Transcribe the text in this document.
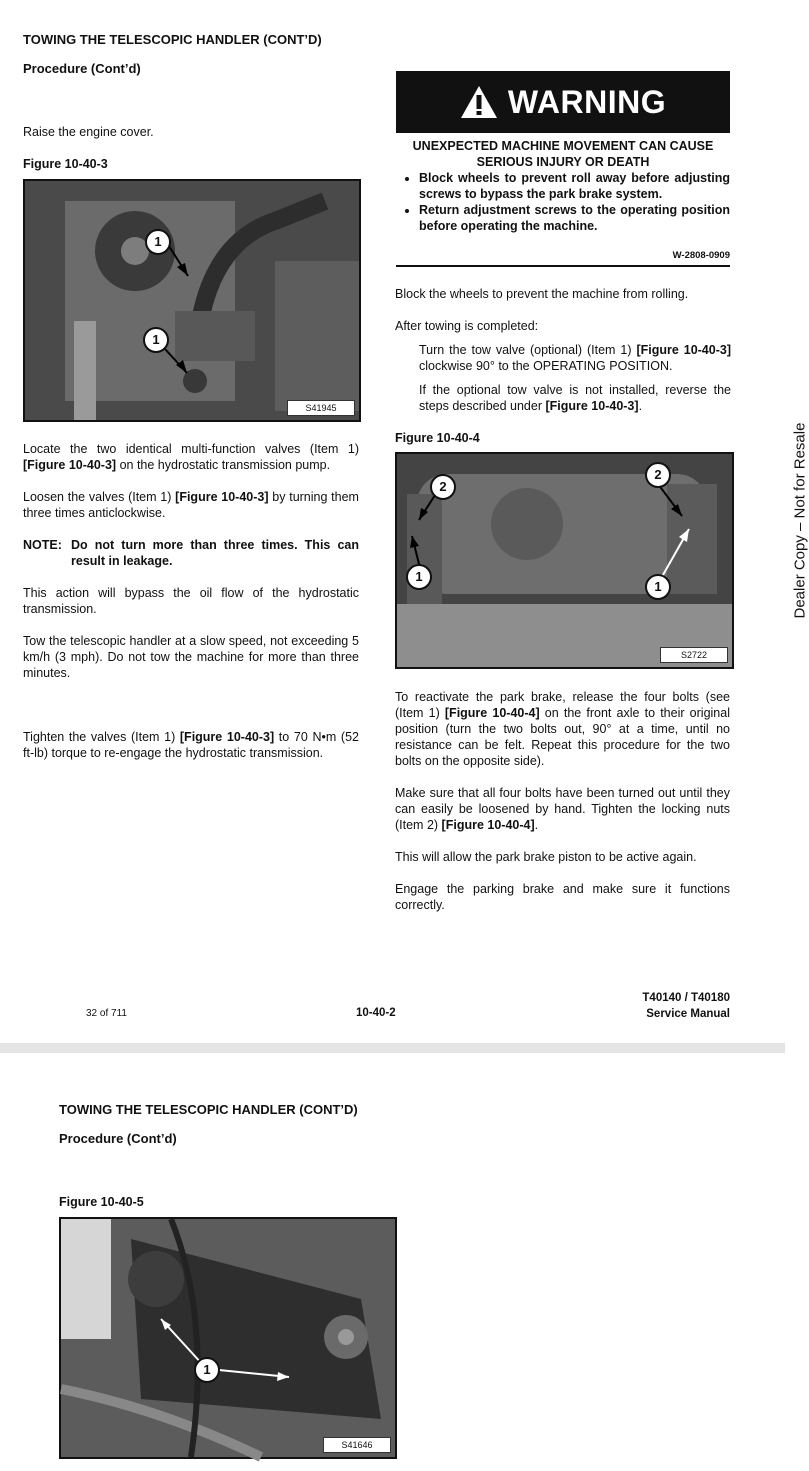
TOWING THE TELESCOPIC HANDLER (CONT’D)
Procedure (Cont’d)
Raise the engine cover.
Figure 10-40-3
1
1
S41945
Locate the two identical multi-function valves (Item 1) [Figure 10-40-3] on the hydrostatic transmission pump.
Loosen the valves (Item 1) [Figure 10-40-3] by turning them three times anticlockwise.
NOTE: Do not turn more than three times. This can result in leakage.
This action will bypass the oil flow of the hydrostatic transmission.
Tow the telescopic handler at a slow speed, not exceeding 5 km/h (3 mph). Do not tow the machine for more than three minutes.
Tighten the valves (Item 1) [Figure 10-40-3] to 70 N•m (52 ft-lb) torque to re-engage the hydrostatic transmission.
WARNING
UNEXPECTED MACHINE MOVEMENT CAN CAUSE SERIOUS INJURY OR DEATH
• Block wheels to prevent roll away before adjusting screws to bypass the park brake system.
• Return adjustment screws to the operating position before operating the machine.
W-2808-0909
Block the wheels to prevent the machine from rolling.
After towing is completed:
Turn the tow valve (optional) (Item 1) [Figure 10-40-3] clockwise 90° to the OPERATING POSITION.
If the optional tow valve is not installed, reverse the steps described under [Figure 10-40-3].
Figure 10-40-4
2
1
2
1
S2722
To reactivate the park brake, release the four bolts (see (Item 1) [Figure 10-40-4] on the front axle to their original position (turn the two bolts out, 90° at a time, until no resistance can be felt. Repeat this procedure for the two bolts on the opposite side).
Make sure that all four bolts have been turned out until they can easily be loosened by hand. Tighten the locking nuts (Item 2) [Figure 10-40-4].
This will allow the park brake piston to be active again.
Engage the parking brake and make sure it functions correctly.
Dealer Copy – Not for Resale
32 of 711	10-40-2
T40140 / T40180
Service Manual
TOWING THE TELESCOPIC HANDLER (CONT’D)
Procedure (Cont’d)
Figure 10-40-5
1
S41646
